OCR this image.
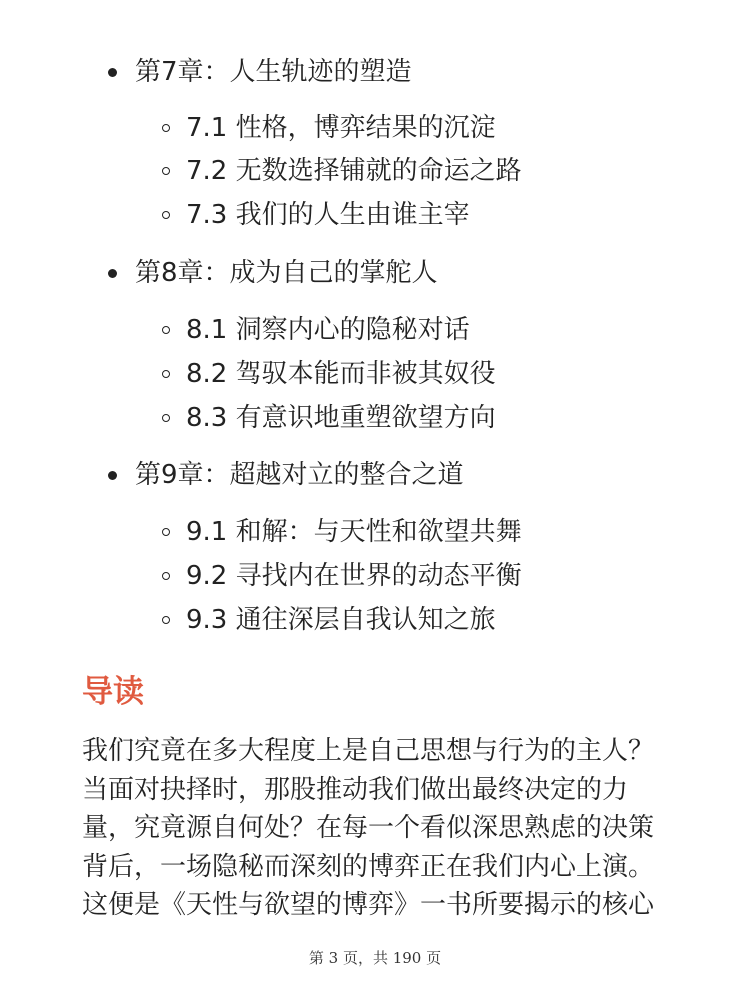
第7章：人生轨迹的塑造
7.1 性格，博弈结果的沉淀
7.2 无数选择铺就的命运之路
7.3 我们的人生由谁主宰
第8章：成为自己的掌舵人
8.1 洞察内心的隐秘对话
8.2 驾驭本能而非被其奴役
8.3 有意识地重塑欲望方向
第9章：超越对立的整合之道
9.1 和解：与天性和欲望共舞
9.2 寻找内在世界的动态平衡
9.3 通往深层自我认知之旅
导读
我们究竟在多大程度上是自己思想与行为的主人？
当面对抉择时，那股推动我们做出最终决定的力
量，究竟源自何处？在每一个看似深思熟虑的决策
背后，一场隐秘而深刻的博弈正在我们内心上演。
这便是《天性与欲望的博弈》一书所要揭示的核心
第 3 页，共 190 页
